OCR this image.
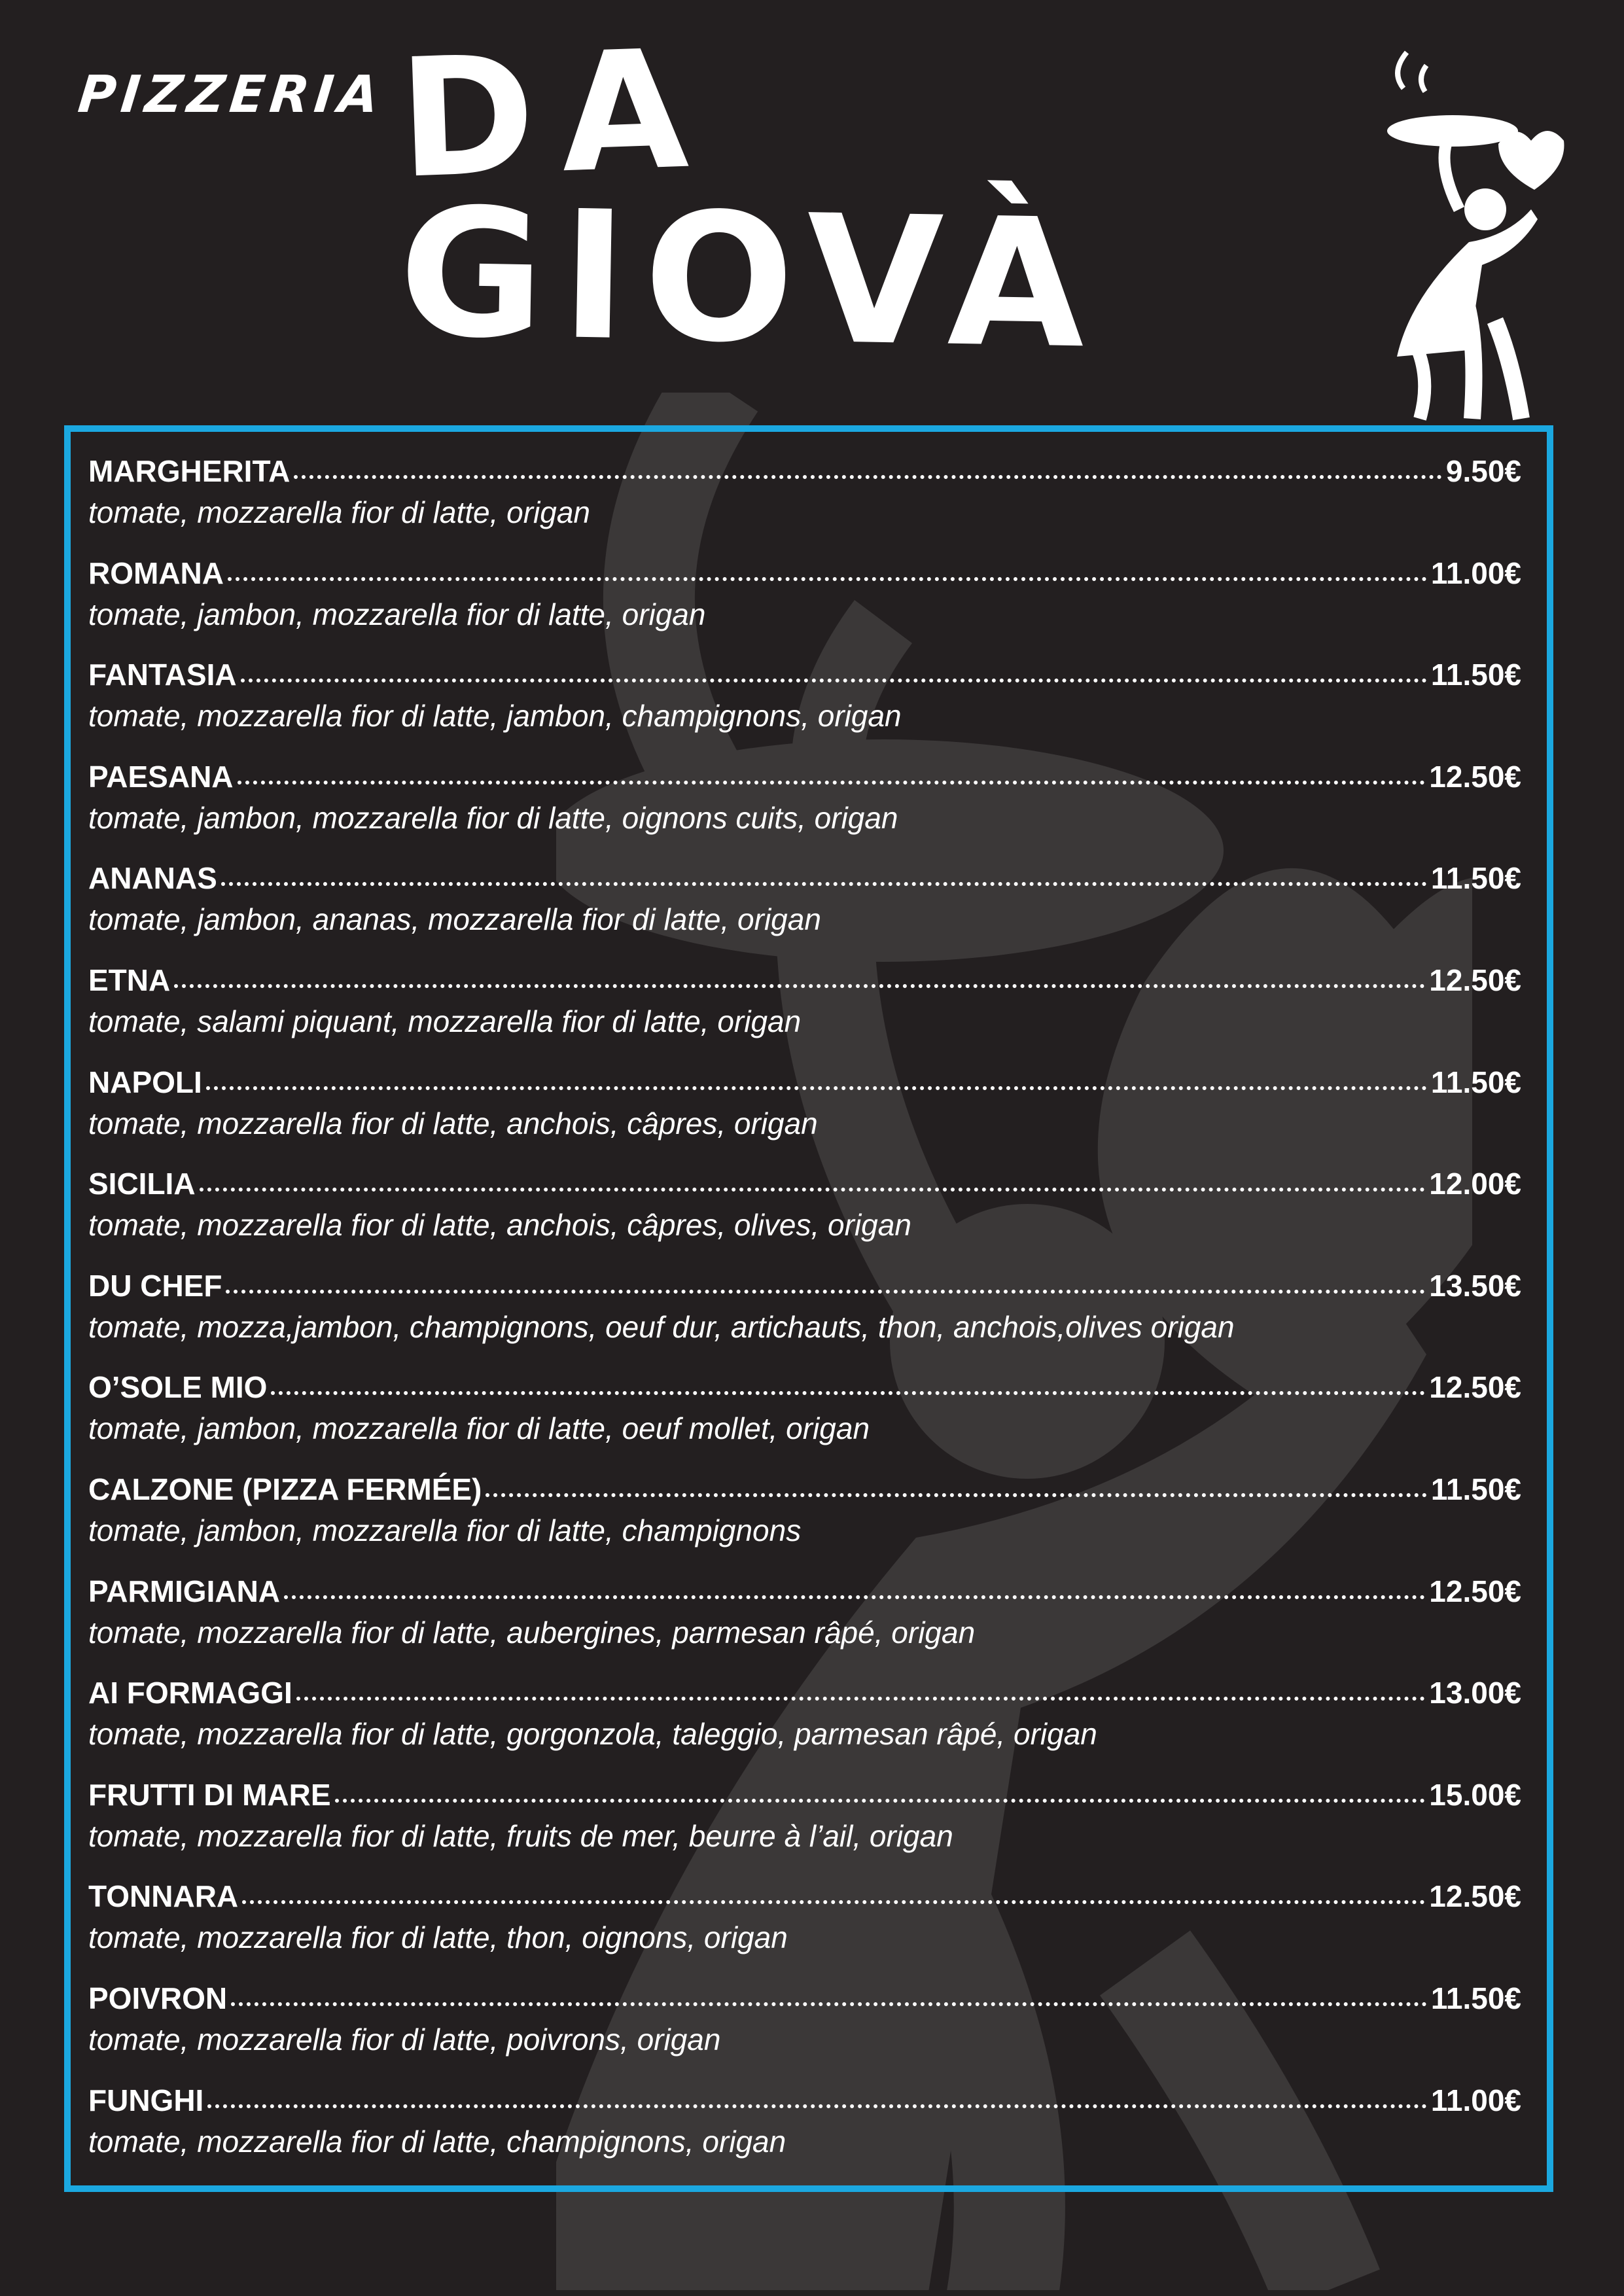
PIZZERIA DA
GIOVÀ
MARGHERITA	9.50€
tomate, mozzarella fior di latte, origan
ROMANA	11.00€
tomate, jambon, mozzarella fior di latte, origan
FANTASIA	11.50€
tomate, mozzarella fior di latte, jambon, champignons, origan
PAESANA	12.50€
tomate, jambon, mozzarella fior di latte, oignons cuits, origan
ANANAS	11.50€
tomate, jambon, ananas, mozzarella fior di latte, origan
ETNA	12.50€
tomate, salami piquant, mozzarella fior di latte, origan
NAPOLI	11.50€
tomate, mozzarella fior di latte, anchois, câpres, origan
SICILIA	12.00€
tomate, mozzarella fior di latte, anchois, câpres, olives, origan
DU CHEF	13.50€
tomate, mozza,jambon, champignons, oeuf dur, artichauts, thon, anchois,olives origan
O’SOLE MIO	12.50€
tomate, jambon, mozzarella fior di latte, oeuf mollet, origan
CALZONE (PIZZA FERMÉE)	11.50€
tomate, jambon, mozzarella fior di latte, champignons
PARMIGIANA	12.50€
tomate, mozzarella fior di latte, aubergines, parmesan râpé, origan
AI FORMAGGI	13.00€
tomate, mozzarella fior di latte, gorgonzola, taleggio, parmesan râpé, origan
FRUTTI DI MARE	15.00€
tomate, mozzarella fior di latte, fruits de mer, beurre à l’ail, origan
TONNARA	12.50€
tomate, mozzarella fior di latte, thon, oignons, origan
POIVRON	11.50€
tomate, mozzarella fior di latte, poivrons, origan
FUNGHI	11.00€
tomate, mozzarella fior di latte, champignons, origan
